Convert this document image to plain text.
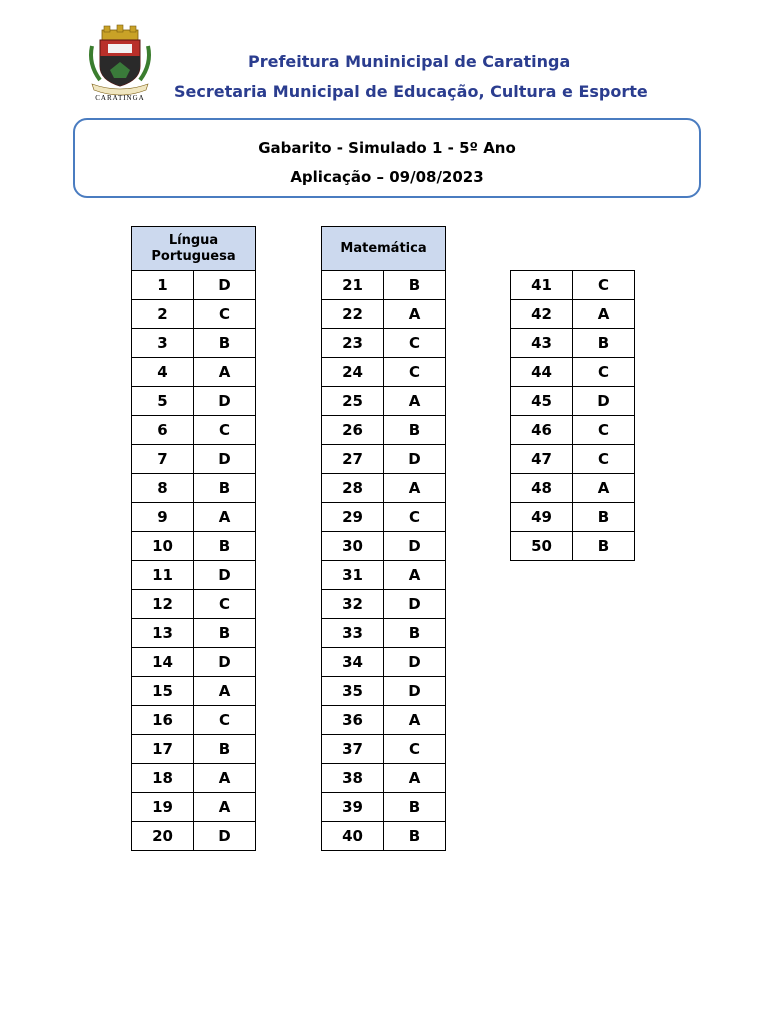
CARATINGA
Prefeitura Muninicipal de Caratinga
Secretaria Municipal de Educação, Cultura e Esporte
Gabarito - Simulado 1 - 5º Ano
Aplicação – 09/08/2023
Língua Portuguesa	
1	D
2	C
3	B
4	A
5	D
6	C
7	D
8	B
9	A
10	B
11	D
12	C
13	B
14	D
15	A
16	C
17	B
18	A
19	A
20	D
Matemática	
21	B
22	A
23	C
24	C
25	A
26	B
27	D
28	A
29	C
30	D
31	A
32	D
33	B
34	D
35	D
36	A
37	C
38	A
39	B
40	B
41	C
42	A
43	B
44	C
45	D
46	C
47	C
48	A
49	B
50	B
